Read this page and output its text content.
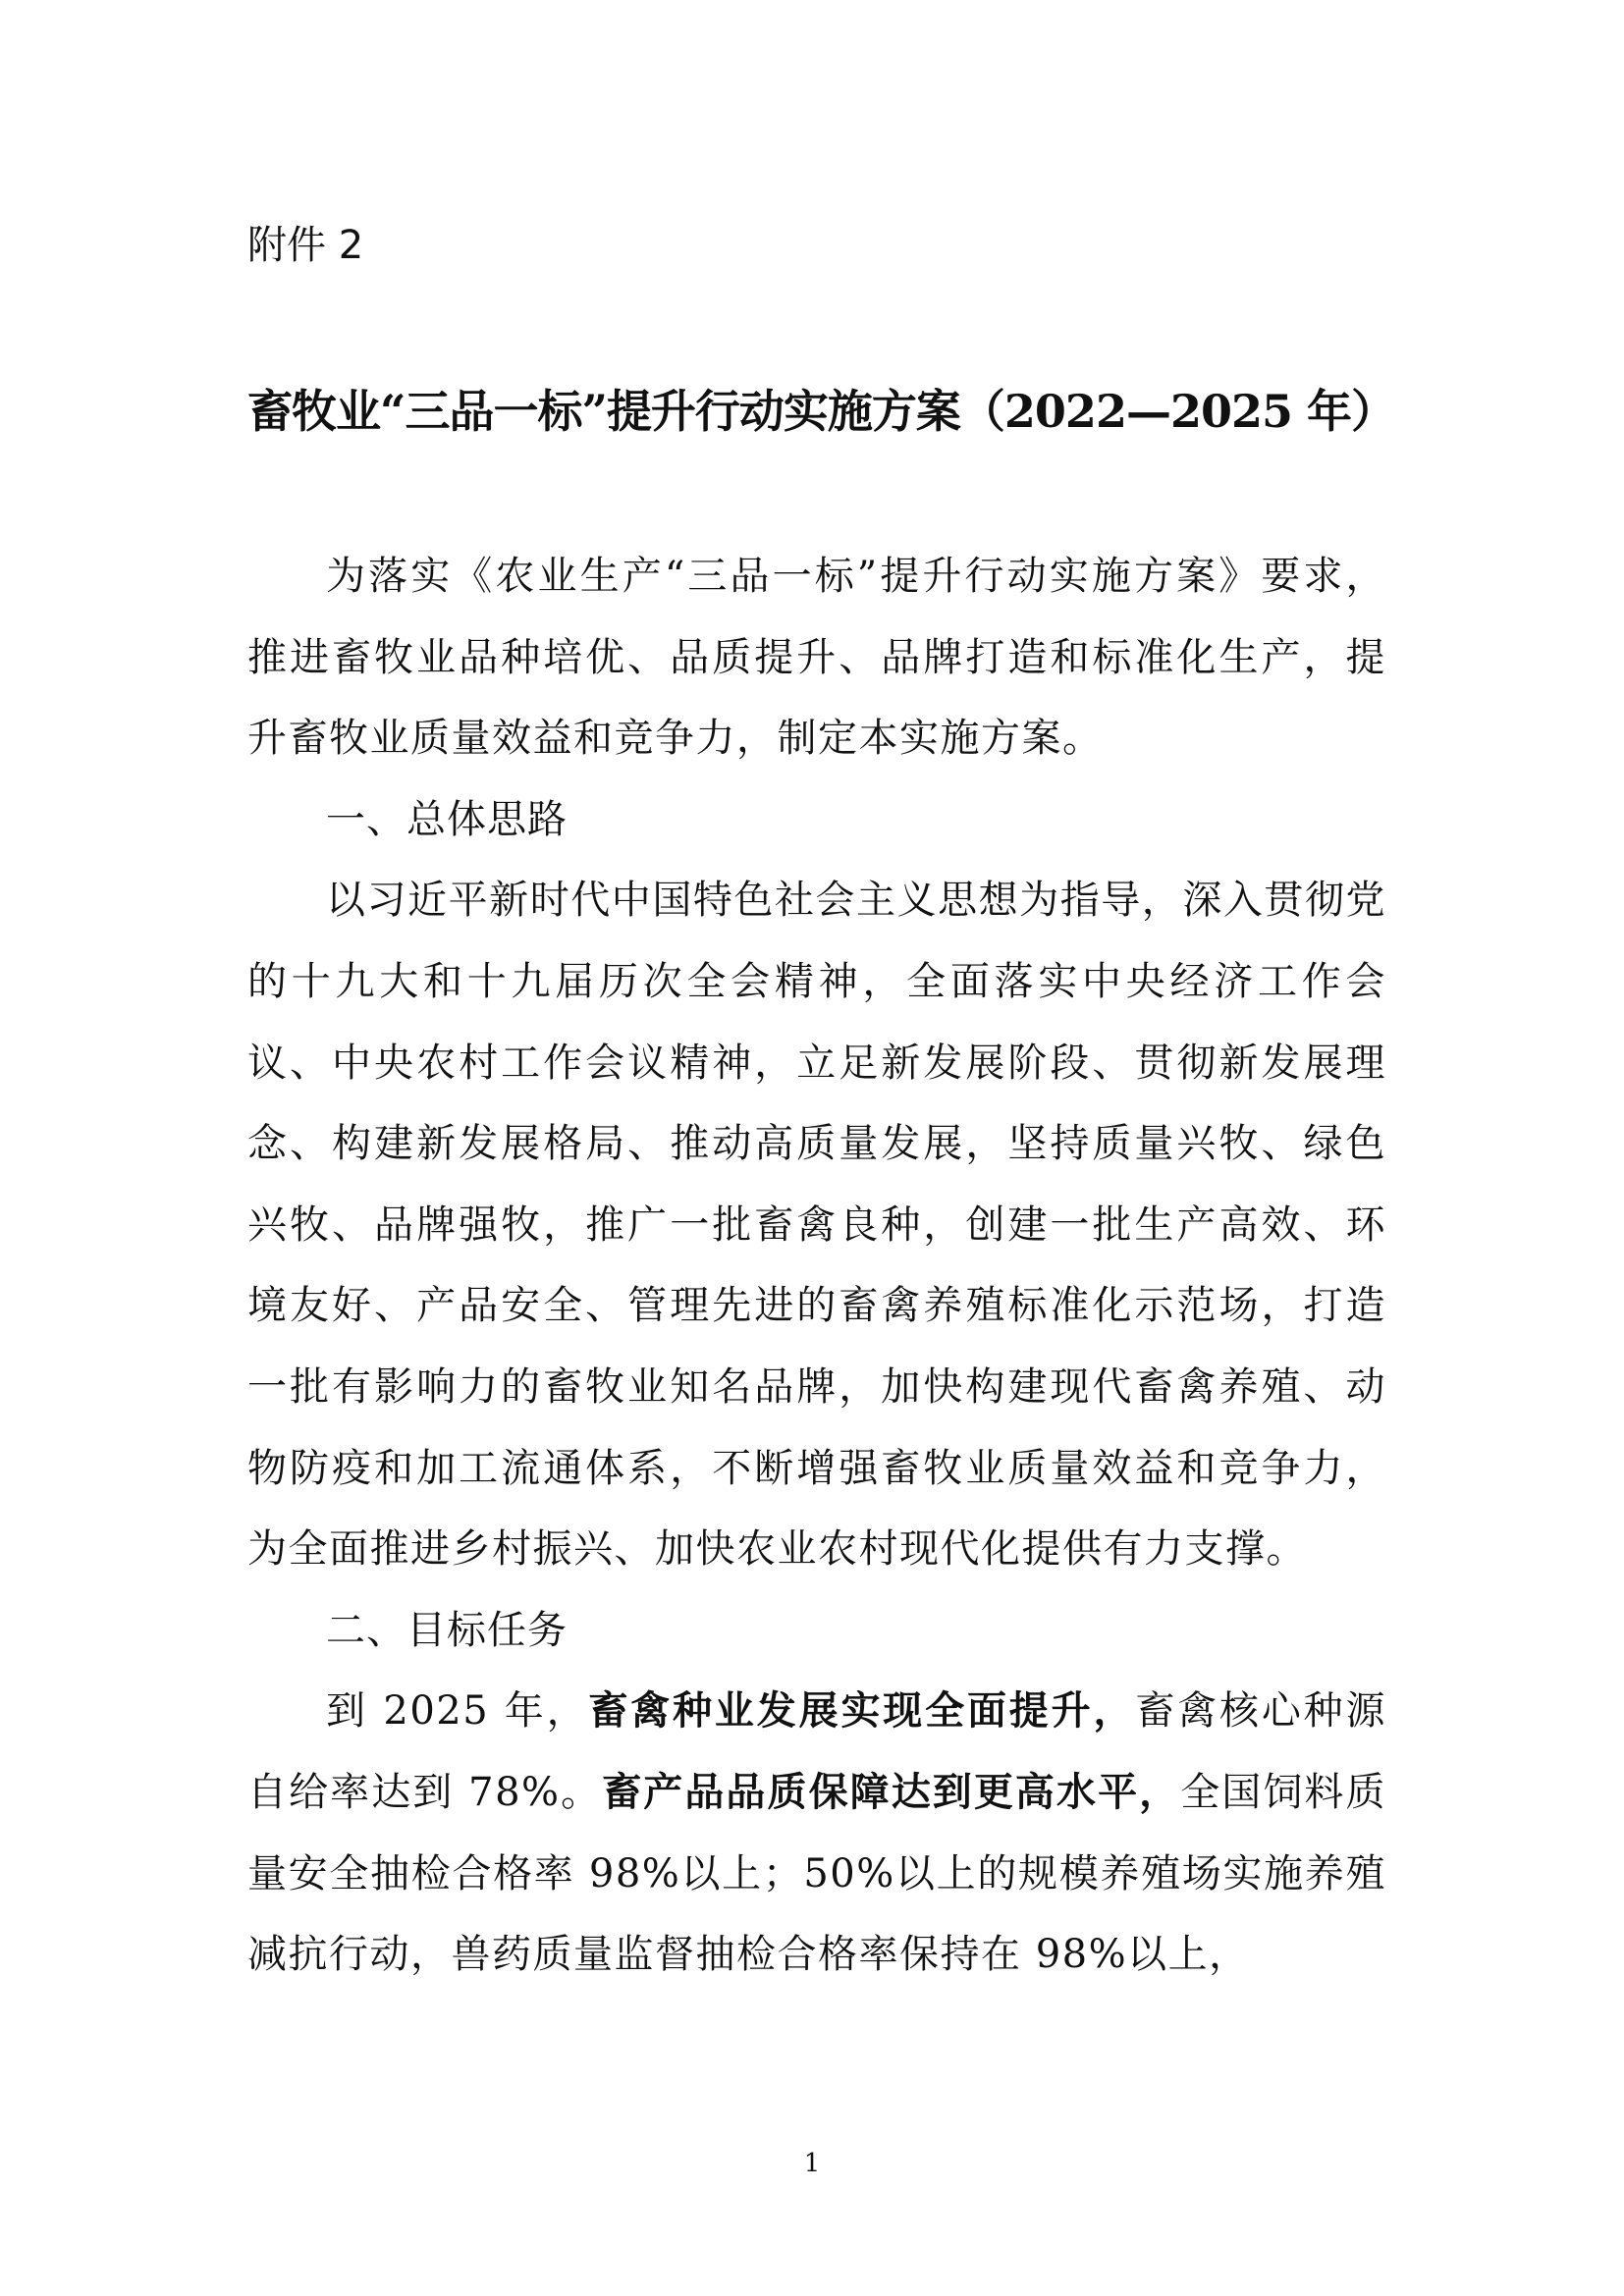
附件 2
畜牧业“三品一标”提升行动实施方案（2022—2025 年）

为落实《农业生产“三品一标”提升行动实施方案》要求，推进畜牧业品种培优、品质提升、品牌打造和标准化生产，提升畜牧业质量效益和竞争力，制定本实施方案。

一、总体思路

以习近平新时代中国特色社会主义思想为指导，深入贯彻党的十九大和十九届历次全会精神，全面落实中央经济工作会议、中央农村工作会议精神，立足新发展阶段、贯彻新发展理念、构建新发展格局、推动高质量发展，坚持质量兴牧、绿色兴牧、品牌强牧，推广一批畜禽良种，创建一批生产高效、环境友好、产品安全、管理先进的畜禽养殖标准化示范场，打造一批有影响力的畜牧业知名品牌，加快构建现代畜禽养殖、动物防疫和加工流通体系，不断增强畜牧业质量效益和竞争力，为全面推进乡村振兴、加快农业农村现代化提供有力支撑。

二、目标任务

到 2025 年，畜禽种业发展实现全面提升，畜禽核心种源自给率达到 78%。畜产品品质保障达到更高水平，全国饲料质量安全抽检合格率 98%以上；50%以上的规模养殖场实施养殖减抗行动，兽药质量监督抽检合格率保持在 98%以上，

1
